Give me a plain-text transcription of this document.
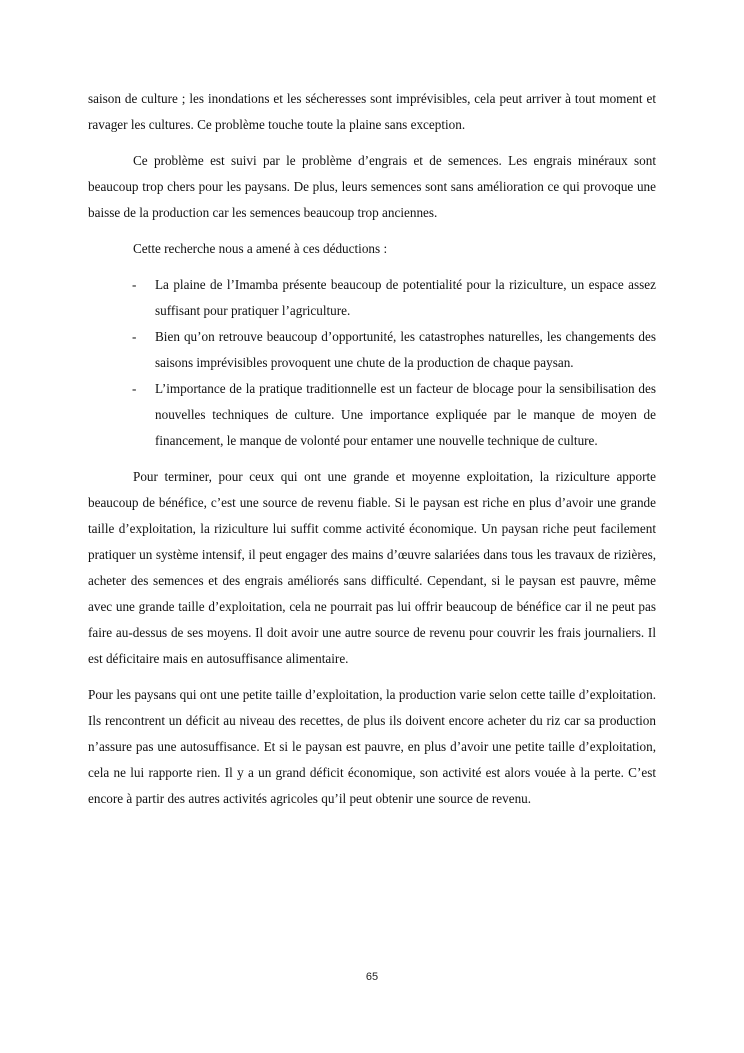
saison de culture ; les inondations et les sécheresses sont imprévisibles, cela peut arriver à tout moment et ravager les cultures. Ce problème touche toute la plaine sans exception.

Ce problème est suivi par le problème d’engrais et de semences. Les engrais minéraux sont beaucoup trop chers pour les paysans. De plus, leurs semences sont sans amélioration ce qui provoque une baisse de la production car les semences beaucoup trop anciennes.

Cette recherche nous a amené à ces déductions :

- La plaine de l’Imamba présente beaucoup de potentialité pour la riziculture, un espace assez suffisant pour pratiquer l’agriculture.
- Bien qu’on retrouve beaucoup d’opportunité, les catastrophes naturelles, les changements des saisons imprévisibles provoquent une chute de la production de chaque paysan.
- L’importance de la pratique traditionnelle est un facteur de blocage pour la sensibilisation des nouvelles techniques de culture. Une importance expliquée par le manque de moyen de financement, le manque de volonté pour entamer une nouvelle technique de culture.

Pour terminer, pour ceux qui ont une grande et moyenne exploitation, la riziculture apporte beaucoup de bénéfice, c’est une source de revenu fiable. Si le paysan est riche en plus d’avoir une grande taille d’exploitation, la riziculture lui suffit comme activité économique. Un paysan riche peut facilement pratiquer un système intensif, il peut engager des mains d’œuvre salariées dans tous les travaux de rizières, acheter des semences et des engrais améliorés sans difficulté. Cependant, si le paysan est pauvre, même avec une grande taille d’exploitation, cela ne pourrait pas lui offrir beaucoup de bénéfice car il ne peut pas faire au-dessus de ses moyens. Il doit avoir une autre source de revenu pour couvrir les frais journaliers. Il est déficitaire mais en autosuffisance alimentaire.

Pour les paysans qui ont une petite taille d’exploitation, la production varie selon cette taille d’exploitation. Ils rencontrent un déficit au niveau des recettes, de plus ils doivent encore acheter du riz car sa production n’assure pas une autosuffisance. Et si le paysan est pauvre, en plus d’avoir une petite taille d’exploitation, cela ne lui rapporte rien. Il y a un grand déficit économique, son activité est alors vouée à la perte. C’est encore à partir des autres activités agricoles qu’il peut obtenir une source de revenu.

65
